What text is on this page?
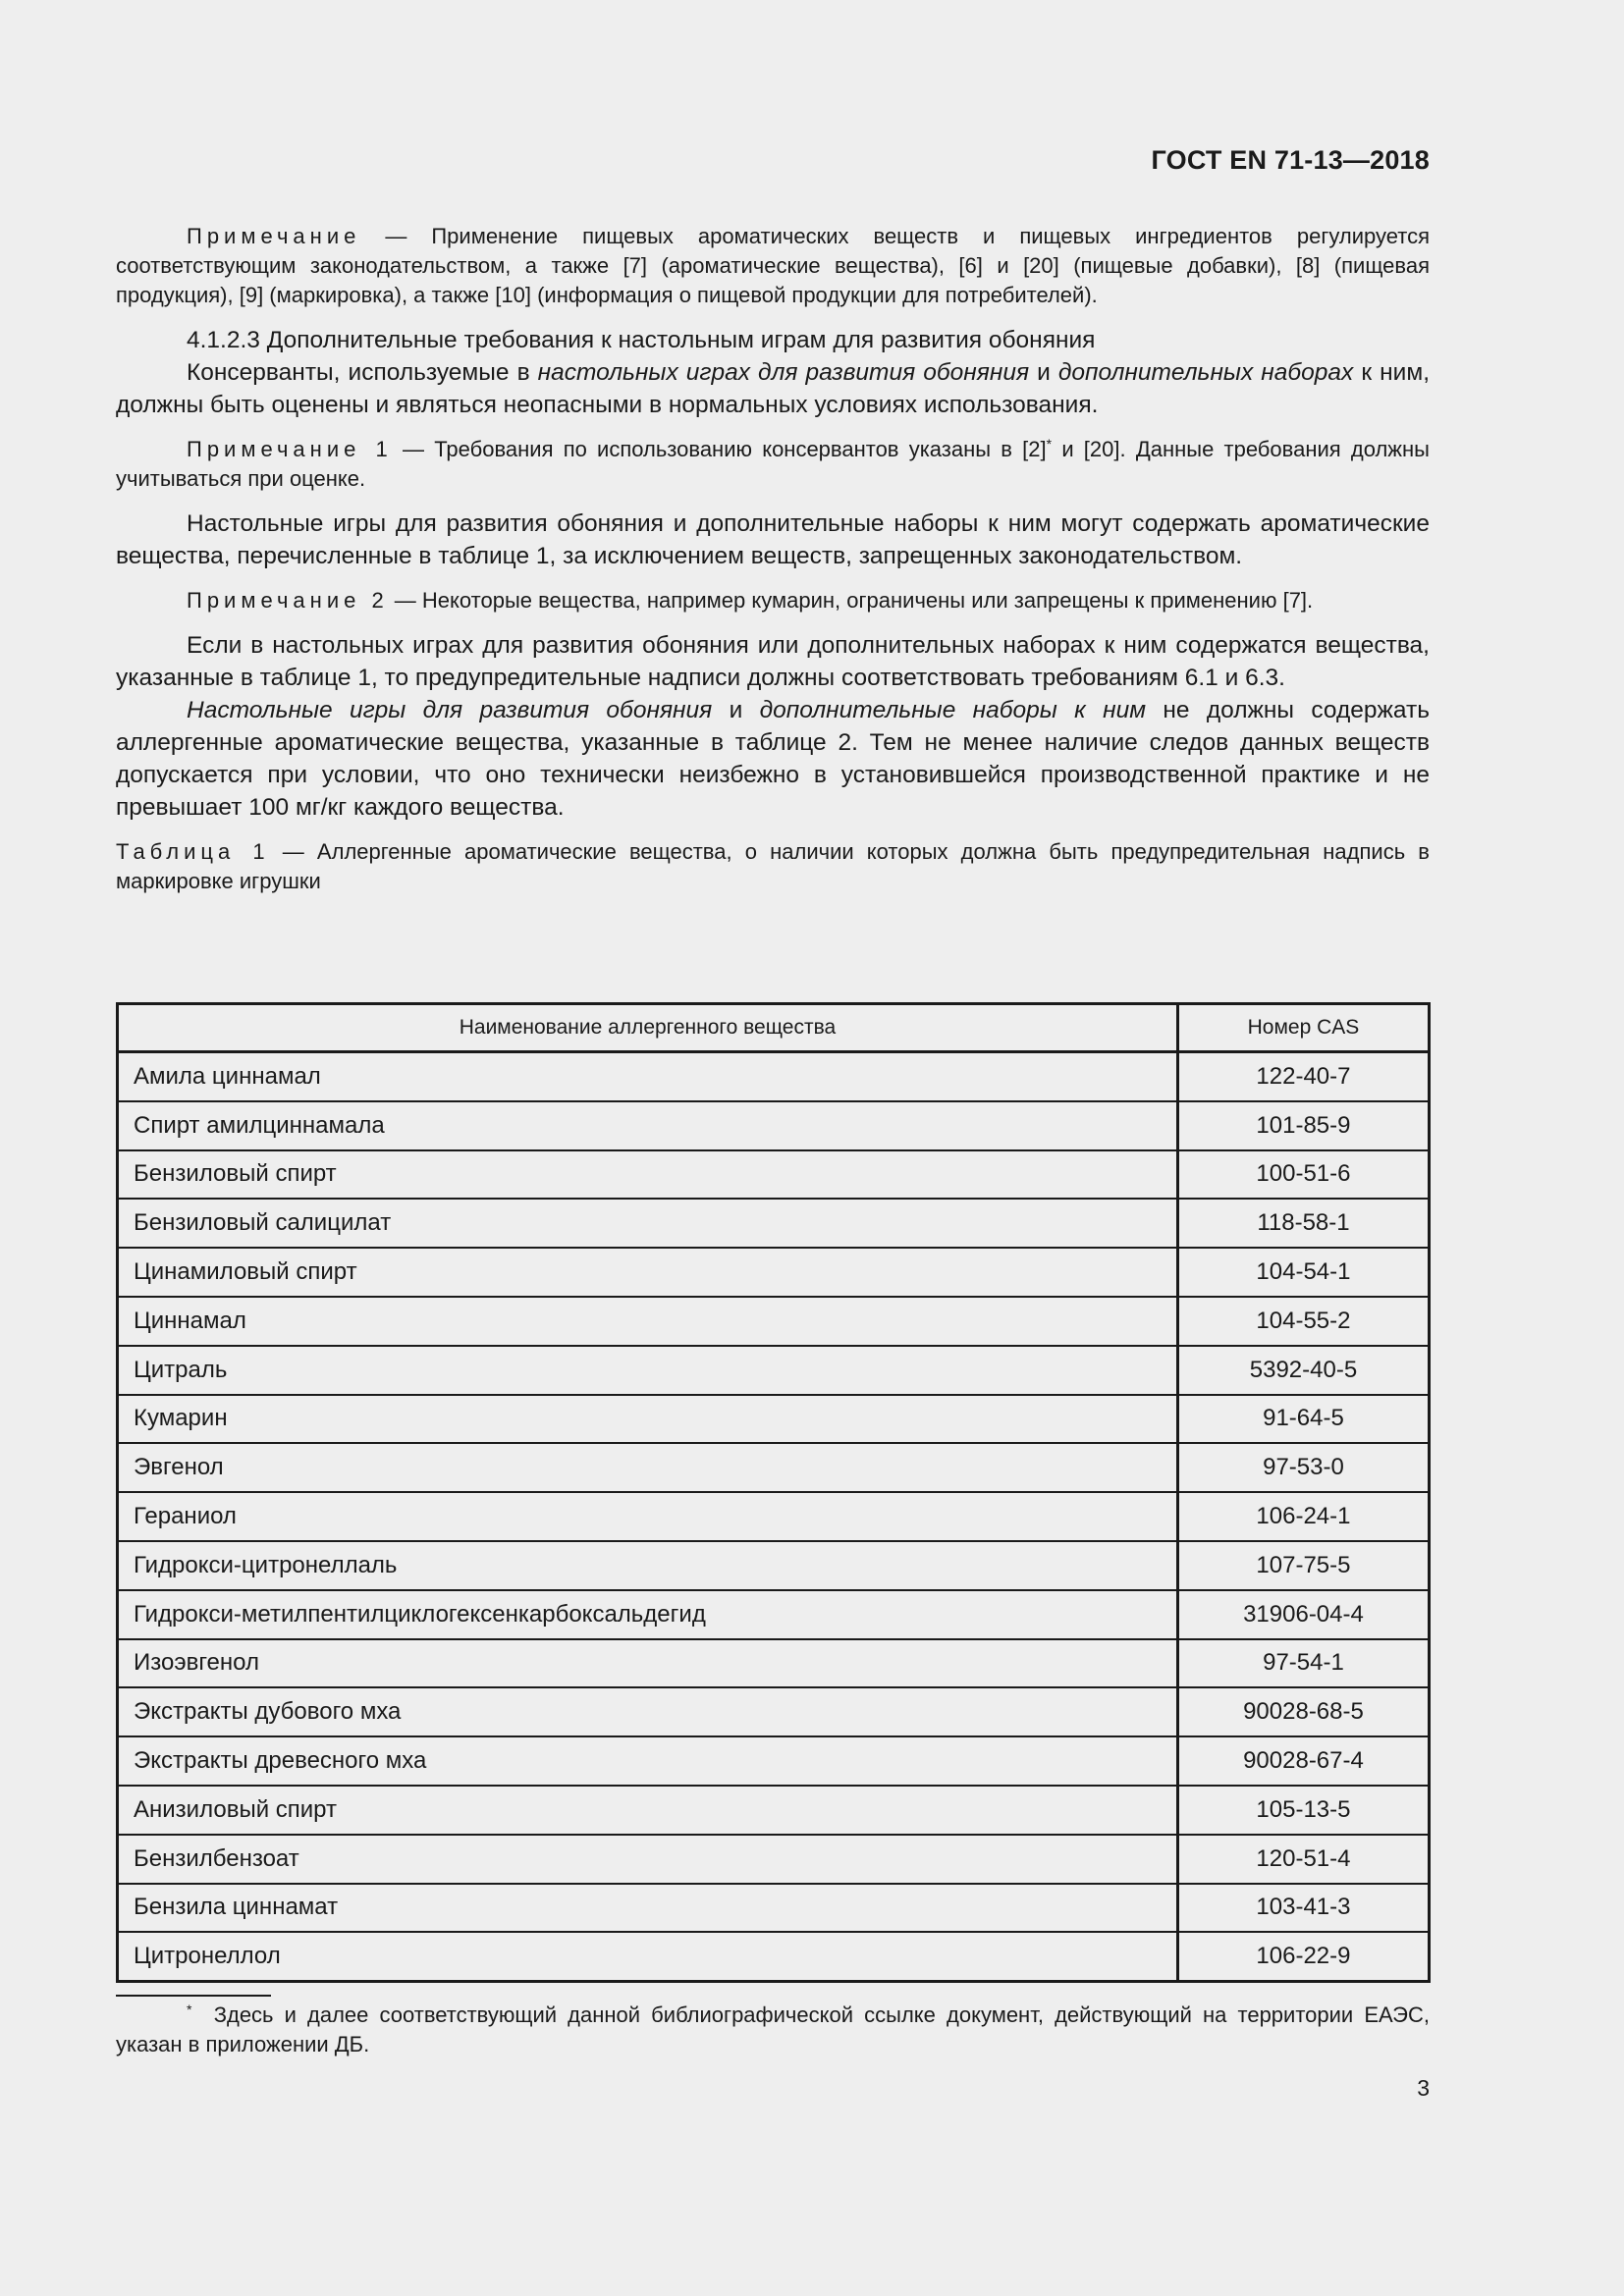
ГОСТ EN 71-13—2018

Примечание — Применение пищевых ароматических веществ и пищевых ингредиентов регулируется соответствующим законодательством, а также [7] (ароматические вещества), [6] и [20] (пищевые добавки), [8] (пищевая продукция), [9] (маркировка), а также [10] (информация о пищевой продукции для потребителей).

4.1.2.3 Дополнительные требования к настольным играм для развития обоняния

Консерванты, используемые в настольных играх для развития обоняния и дополнительных наборах к ним, должны быть оценены и являться неопасными в нормальных условиях использования.

Примечание 1 — Требования по использованию консервантов указаны в [2]* и [20]. Данные требования должны учитываться при оценке.

Настольные игры для развития обоняния и дополнительные наборы к ним могут содержать ароматические вещества, перечисленные в таблице 1, за исключением веществ, запрещенных законодательством.

Примечание 2 — Некоторые вещества, например кумарин, ограничены или запрещены к применению [7].

Если в настольных играх для развития обоняния или дополнительных наборах к ним содержатся вещества, указанные в таблице 1, то предупредительные надписи должны соответствовать требованиям 6.1 и 6.3.

Настольные игры для развития обоняния и дополнительные наборы к ним не должны содержать аллергенные ароматические вещества, указанные в таблице 2. Тем не менее наличие следов данных веществ допускается при условии, что оно технически неизбежно в установившейся производственной практике и не превышает 100 мг/кг каждого вещества.

Таблица 1 — Аллергенные ароматические вещества, о наличии которых должна быть предупредительная надпись в маркировке игрушки

Наименование аллергенного вещества	Номер CAS
Амила циннамал	122-40-7
Спирт амилциннамала	101-85-9
Бензиловый спирт	100-51-6
Бензиловый салицилат	118-58-1
Цинамиловый спирт	104-54-1
Циннамал	104-55-2
Цитраль	5392-40-5
Кумарин	91-64-5
Эвгенол	97-53-0
Гераниол	106-24-1
Гидрокси-цитронеллаль	107-75-5
Гидрокси-метилпентилциклогексенкарбоксальдегид	31906-04-4
Изоэвгенол	97-54-1
Экстракты дубового мха	90028-68-5
Экстракты древесного мха	90028-67-4
Анизиловый спирт	105-13-5
Бензилбензоат	120-51-4
Бензила циннамат	103-41-3
Цитронеллол	106-22-9

* Здесь и далее соответствующий данной библиографической ссылке документ, действующий на территории ЕАЭС, указан в приложении ДБ.

3
